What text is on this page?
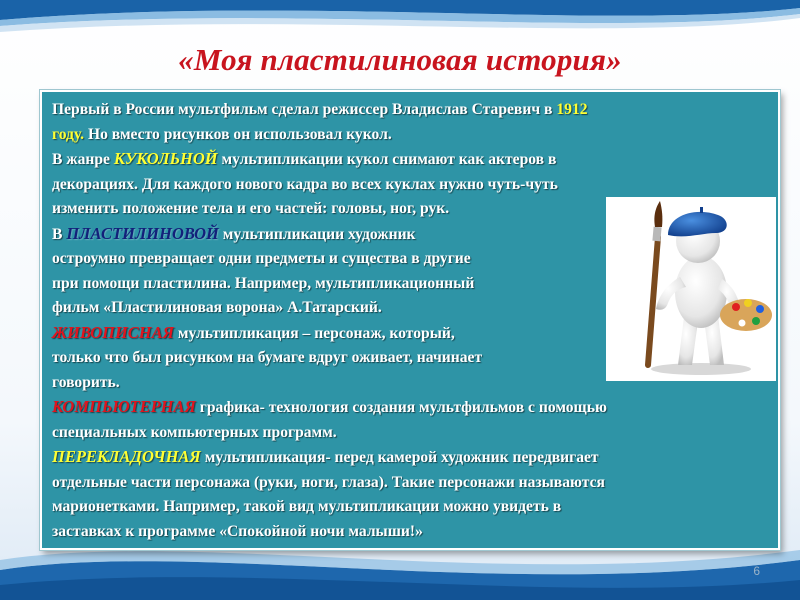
«Моя пластилиновая история»
Первый в России мультфильм сделал режиссер Владислав Старевич в 1912
году. Но вместо рисунков он использовал кукол.
В жанре КУКОЛЬНОЙ мультипликации кукол снимают как актеров в
декорациях. Для каждого нового кадра во всех куклах нужно чуть-чуть
изменить положение тела и его частей: головы, ног, рук.
В ПЛАСТИЛИНОВОЙ мультипликации художник
остроумно превращает одни предметы и существа в другие
при помощи пластилина. Например, мультипликационный
фильм «Пластилиновая ворона» А.Татарский.
ЖИВОПИСНАЯ мультипликация – персонаж, который,
только что был рисунком на бумаге вдруг оживает, начинает
говорить.
КОМПЬЮТЕРНАЯ графика- технология создания мультфильмов с помощью
специальных компьютерных программ.
ПЕРЕКЛАДОЧНАЯ мультипликация- перед камерой художник передвигает
отдельные части персонажа (руки, ноги, глаза). Такие персонажи называются
марионетками. Например, такой вид мультипликации можно увидеть в
заставках к программе «Спокойной ночи малыши!»
6
